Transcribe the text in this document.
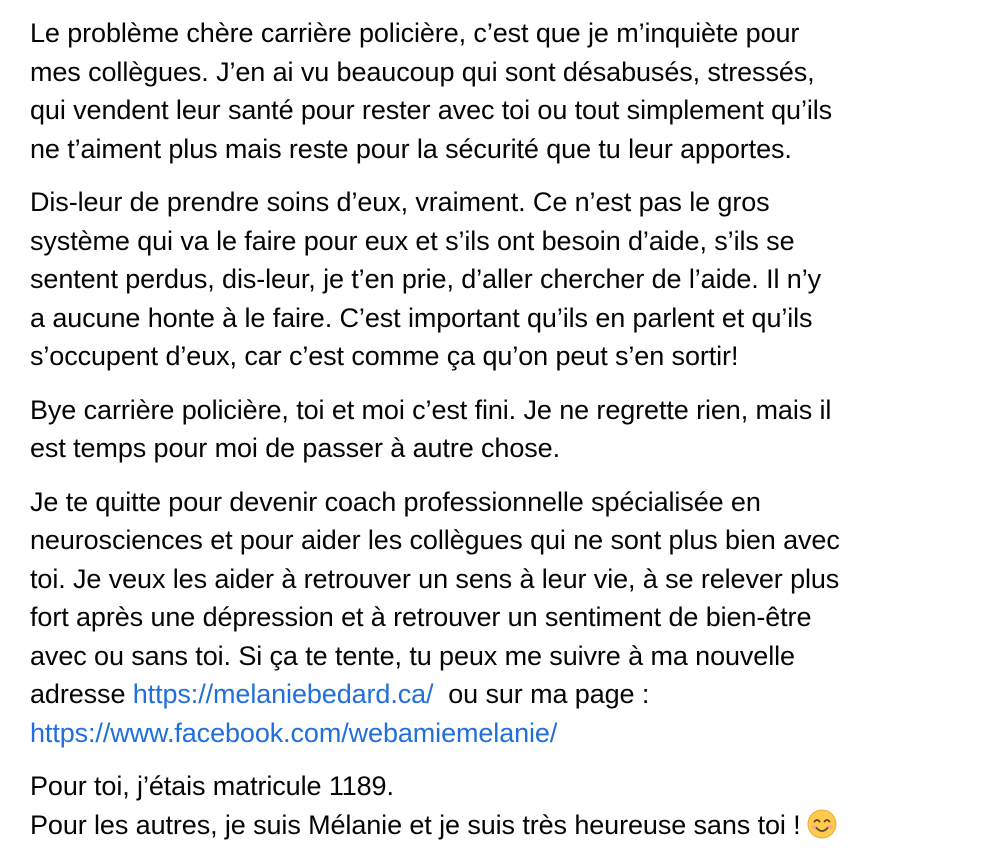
Le problème chère carrière policière, c’est que je m’inquiète pour
mes collègues. J’en ai vu beaucoup qui sont désabusés, stressés,
qui vendent leur santé pour rester avec toi ou tout simplement qu’ils
ne t’aiment plus mais reste pour la sécurité que tu leur apportes.
Dis-leur de prendre soins d’eux, vraiment. Ce n’est pas le gros
système qui va le faire pour eux et s’ils ont besoin d’aide, s’ils se
sentent perdus, dis-leur, je t’en prie, d’aller chercher de l’aide. Il n’y
a aucune honte à le faire. C’est important qu’ils en parlent et qu’ils
s’occupent d’eux, car c’est comme ça qu’on peut s’en sortir!
Bye carrière policière, toi et moi c’est fini. Je ne regrette rien, mais il
est temps pour moi de passer à autre chose.
Je te quitte pour devenir coach professionnelle spécialisée en
neurosciences et pour aider les collègues qui ne sont plus bien avec
toi. Je veux les aider à retrouver un sens à leur vie, à se relever plus
fort après une dépression et à retrouver un sentiment de bien-être
avec ou sans toi. Si ça te tente, tu peux me suivre à ma nouvelle
adresse https://melaniebedard.ca/  ou sur ma page :
https://www.facebook.com/webamiemelanie/
Pour toi, j’étais matricule 1189.
Pour les autres, je suis Mélanie et je suis très heureuse sans toi !
